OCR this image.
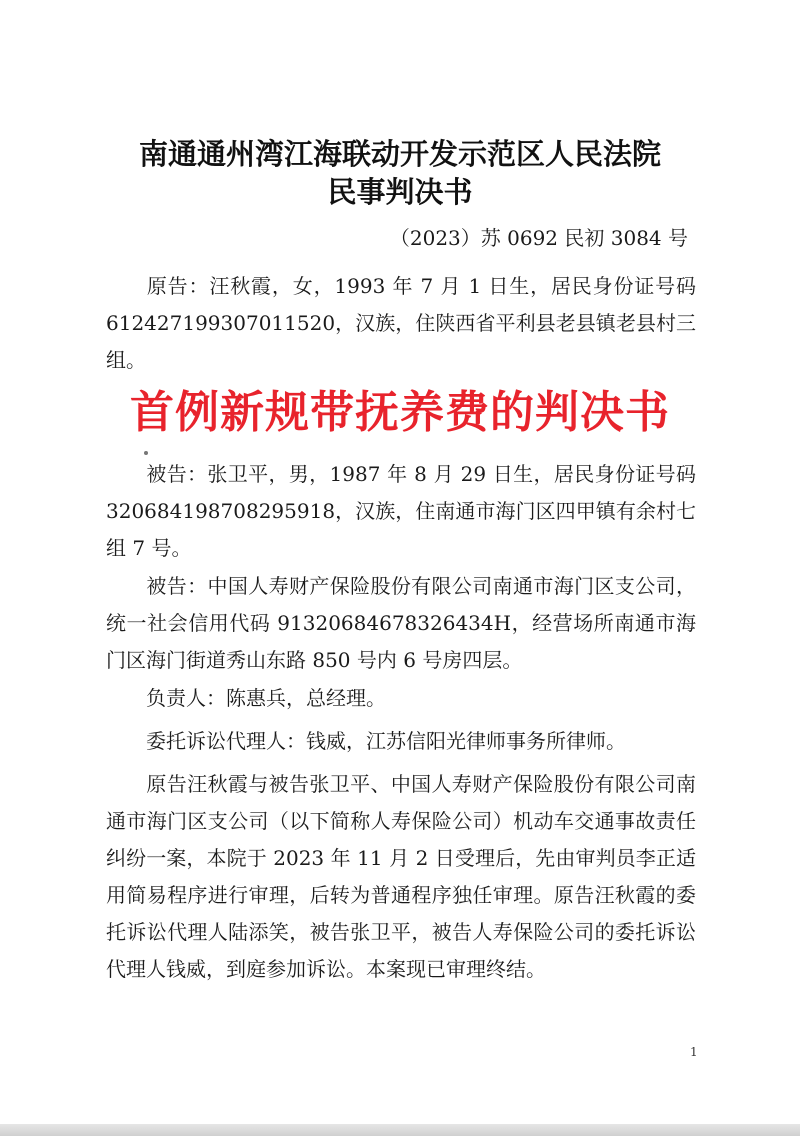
南通通州湾江海联动开发示范区人民法院
民事判决书
（2023）苏 0692 民初 3084 号
原告：汪秋霞，女，1993 年 7 月 1 日生，居民身份证号码 612427199307011520，汉族，住陕西省平利县老县镇老县村三组。
首例新规带抚养费的判决书
被告：张卫平，男，1987 年 8 月 29 日生，居民身份证号码 320684198708295918，汉族，住南通市海门区四甲镇有余村七组 7 号。
被告：中国人寿财产保险股份有限公司南通市海门区支公司，统一社会信用代码 91320684678326434H，经营场所南通市海门区海门街道秀山东路 850 号内 6 号房四层。
负责人：陈惠兵，总经理。
委托诉讼代理人：钱威，江苏信阳光律师事务所律师。
原告汪秋霞与被告张卫平、中国人寿财产保险股份有限公司南通市海门区支公司（以下简称人寿保险公司）机动车交通事故责任纠纷一案，本院于 2023 年 11 月 2 日受理后，先由审判员李正适用简易程序进行审理，后转为普通程序独任审理。原告汪秋霞的委托诉讼代理人陆添笑，被告张卫平，被告人寿保险公司的委托诉讼代理人钱威，到庭参加诉讼。本案现已审理终结。
1
